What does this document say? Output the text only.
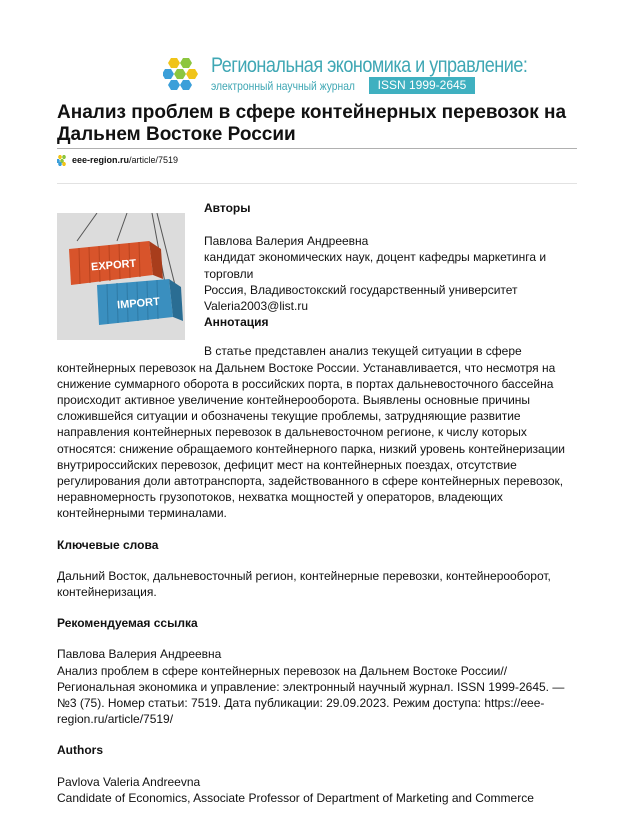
Региональная экономика и управление:
электронный научный журнал	ISSN 1999-2645
Анализ проблем в сфере контейнерных перевозок на Дальнем Востоке России
eee-region.ru/article/7519
EXPORT
IMPORT

Авторы

Павлова Валерия Андреевна

кандидат экономических наук, доцент кафедры маркетинга и торговли

Россия, Владивостокский государственный университет

Valeria2003@list.ru

Аннотация

В статье представлен анализ текущей ситуации в сфере контейнерных перевозок на Дальнем Востоке России. Устанавливается, что несмотря на снижение суммарного оборота в российских порта, в портах дальневосточного бассейна происходит активное увеличение контейнерооборота. Выявлены основные причины сложившейся ситуации и обозначены текущие проблемы, затрудняющие развитие направления контейнерных перевозок в дальневосточном регионе, к числу которых относятся: снижение обращаемого контейнерного парка, низкий уровень контейнеризации внутрироссийских перевозок, дефицит мест на контейнерных поездах, отсутствие регулирования доли автотранспорта, задействованного в сфере контейнерных перевозок, неравномерность грузопотоков, нехватка мощностей у операторов, владеющих контейнерными терминалами.

Ключевые слова

Дальний Восток, дальневосточный регион, контейнерные перевозки, контейнерооборот, контейнеризация.

Рекомендуемая ссылка

Павлова Валерия Андреевна

Анализ проблем в сфере контейнерных перевозок на Дальнем Востоке России// Региональная экономика и управление: электронный научный журнал. ISSN 1999-2645. — №3 (75). Номер статьи: 7519. Дата публикации: 29.09.2023. Режим доступа: https://eee-region.ru/article/7519/

Authors

Pavlova Valeria Andreevna

Candidate of Economics, Associate Professor of Department of Marketing and Commerce
